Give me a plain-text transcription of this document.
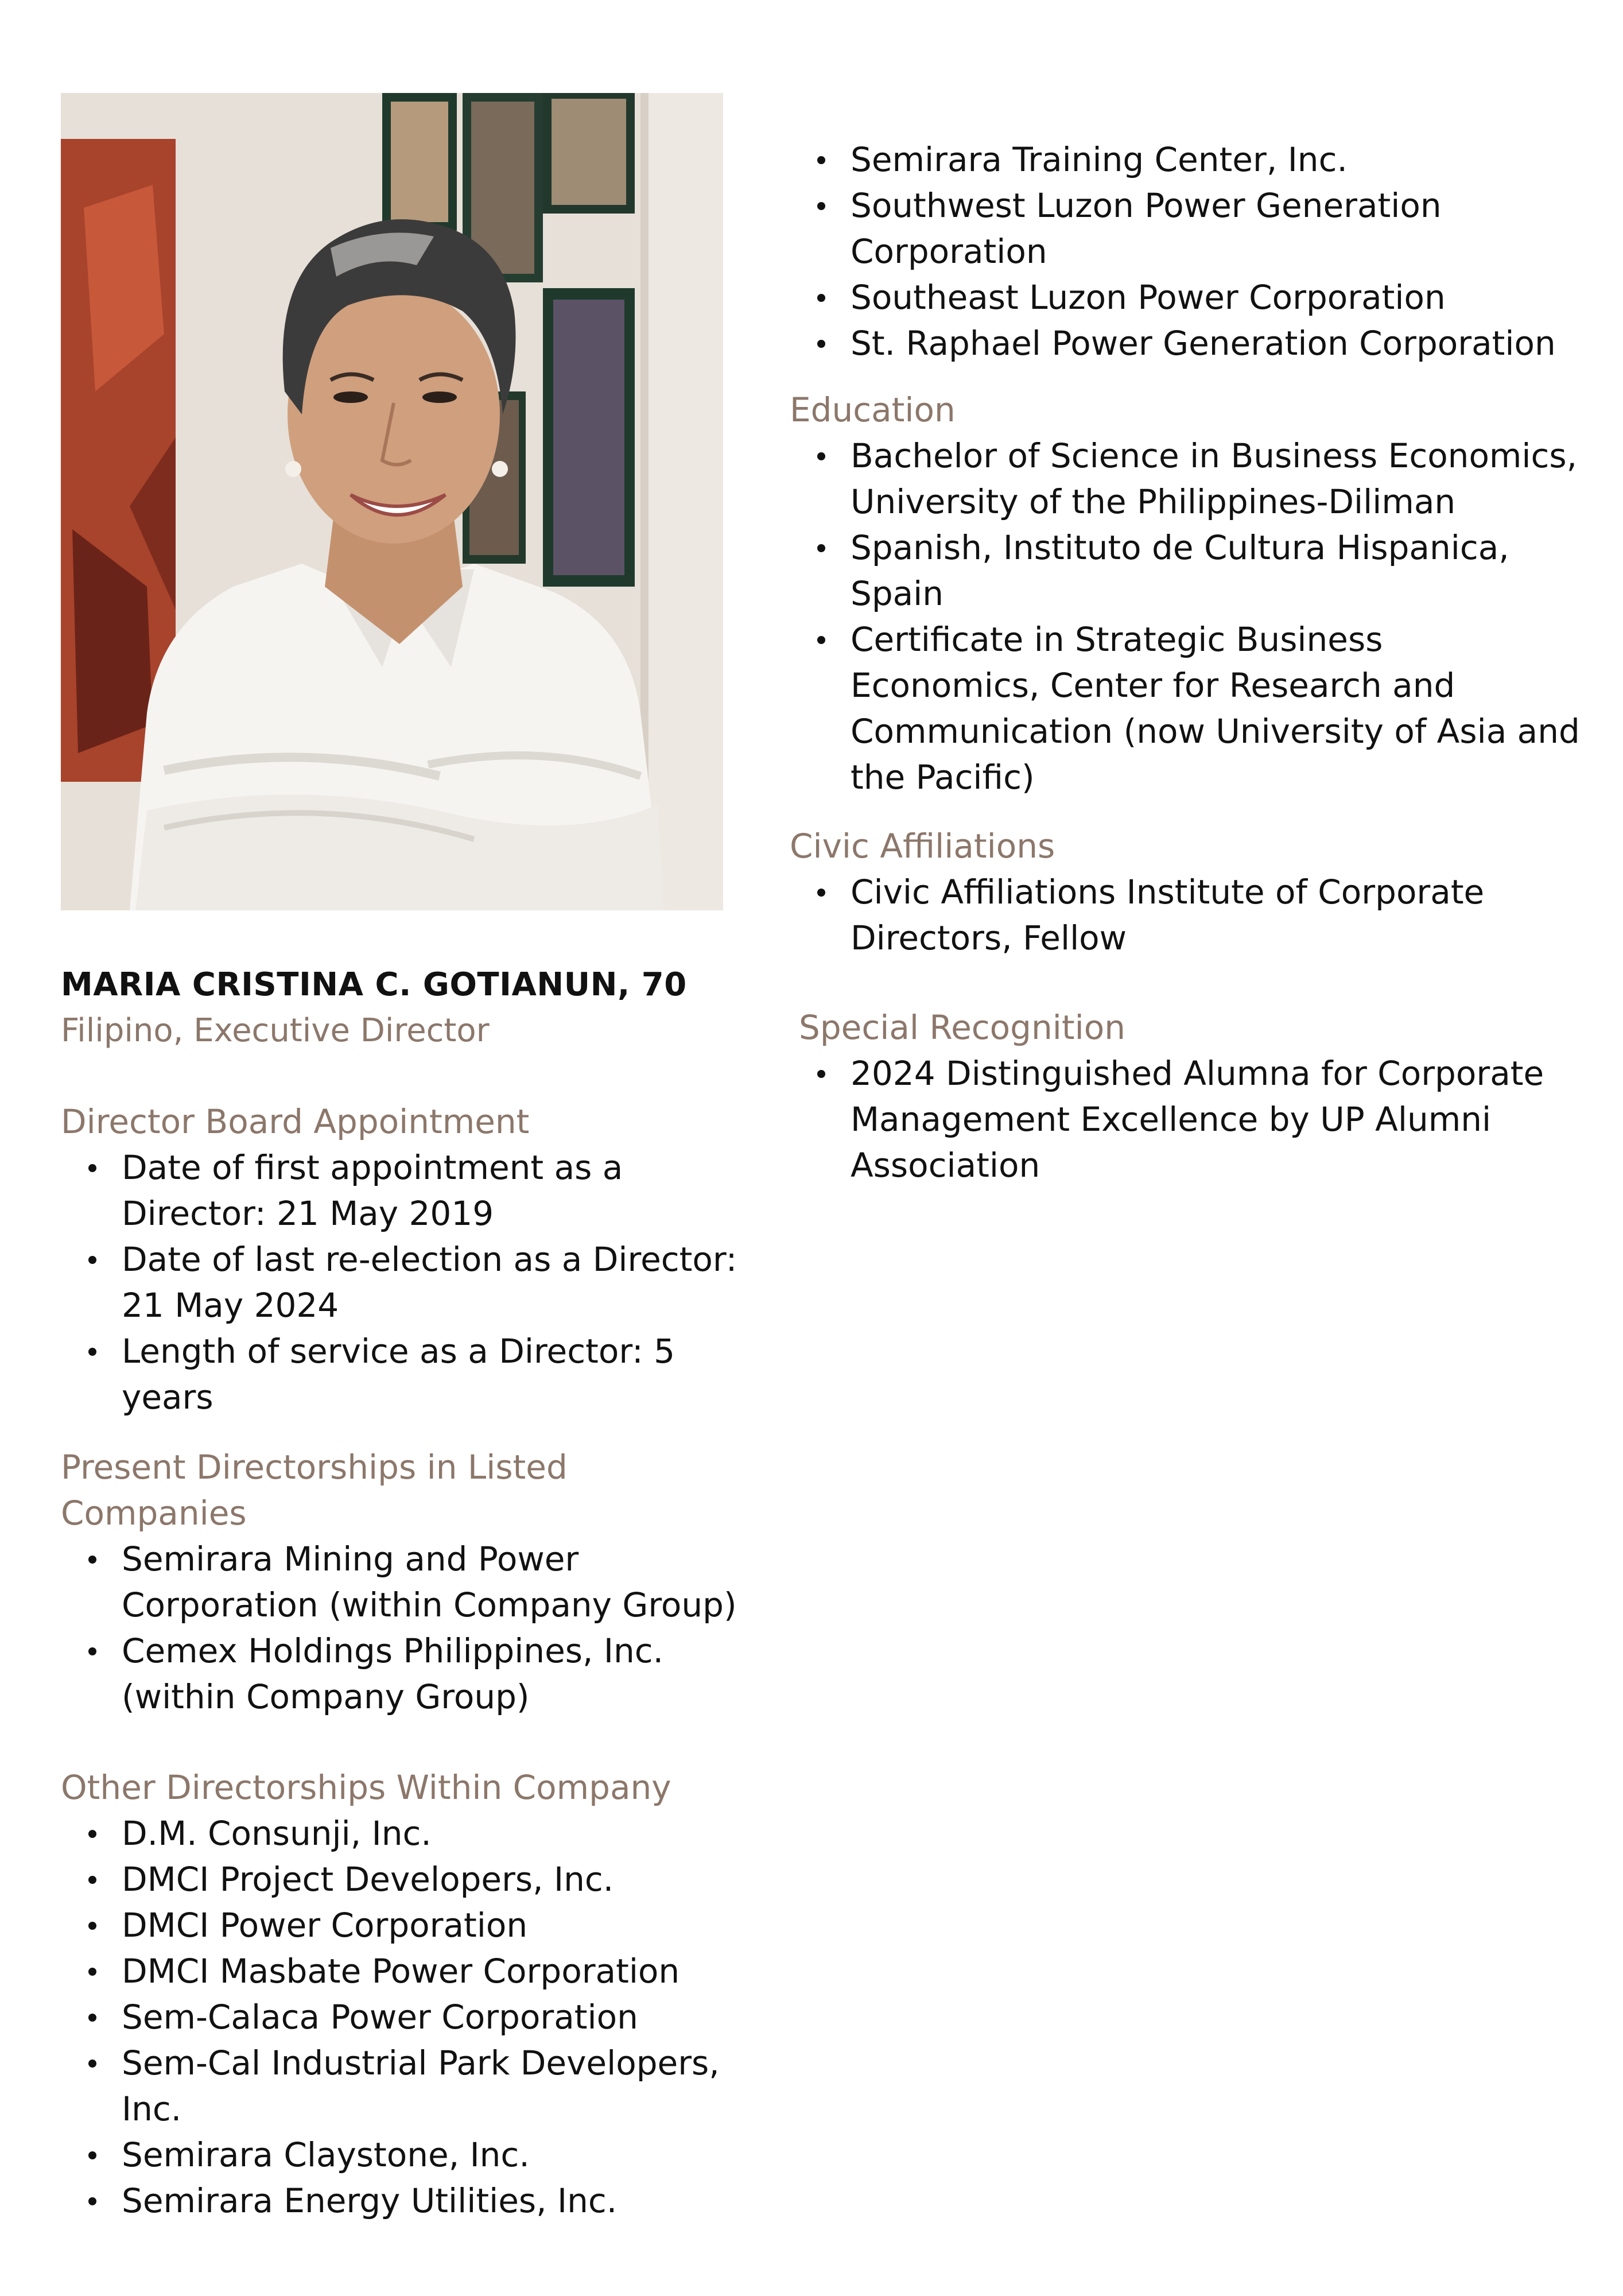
MARIA CRISTINA C. GOTIANUN, 70

Filipino, Executive Director

Director Board Appointment

Date of first appointment as a Director: 21 May 2019
Date of last re-election as a Director: 21 May 2024
Length of service as a Director: 5 years

Present Directorships in Listed Companies

Semirara Mining and Power Corporation (within Company Group)
Cemex Holdings Philippines, Inc. (within Company Group)

Other Directorships Within Company

D.M. Consunji, Inc.
DMCI Project Developers, Inc.
DMCI Power Corporation
DMCI Masbate Power Corporation
Sem-Calaca Power Corporation
Sem-Cal Industrial Park Developers, Inc.
Semirara Claystone, Inc.
Semirara Energy Utilities, Inc.
Semirara Training Center, Inc.
Southwest Luzon Power Generation Corporation
Southeast Luzon Power Corporation
St. Raphael Power Generation Corporation

Education

Bachelor of Science in Business Economics, University of the Philippines-Diliman
Spanish, Instituto de Cultura Hispanica, Spain
Certificate in Strategic Business Economics, Center for Research and Communication (now University of Asia and the Pacific)

Civic Affiliations

Civic Affiliations Institute of Corporate Directors, Fellow

Special Recognition

2024 Distinguished Alumna for Corporate Management Excellence by UP Alumni Association
